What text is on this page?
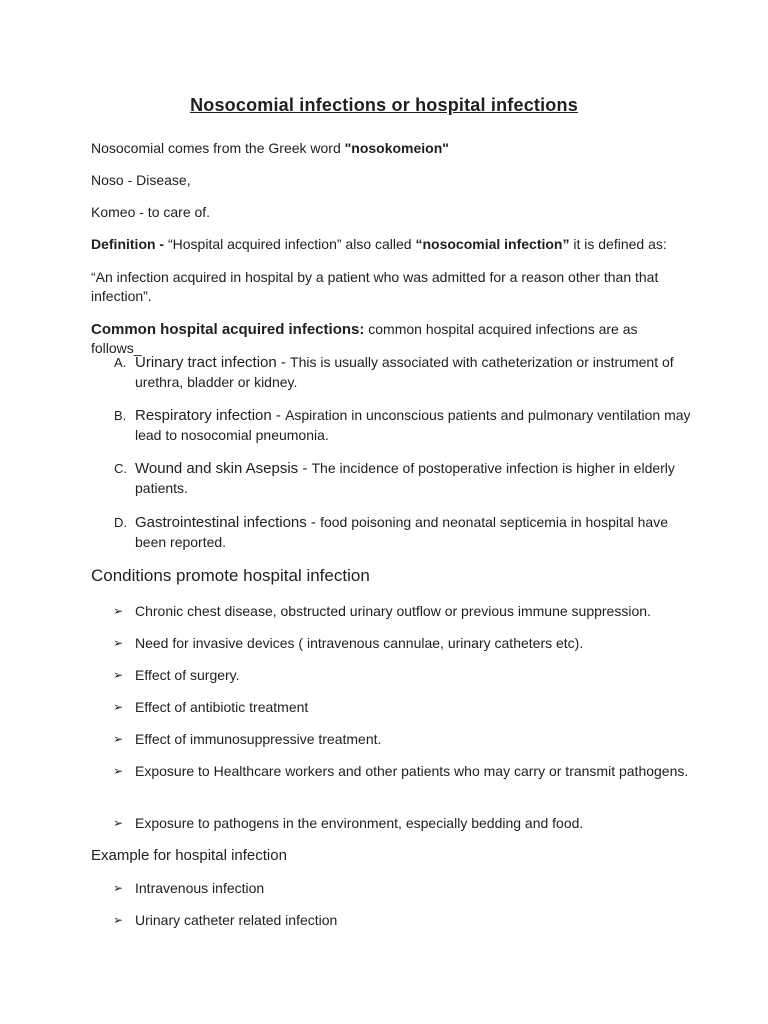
Nosocomial infections or hospital infections
Nosocomial comes from the Greek word "nosokomeion"
Noso - Disease,
Komeo - to care of.
Definition - “Hospital acquired infection” also called “nosocomial infection” it is defined as:
“An infection acquired in hospital by a patient who was admitted for a reason other than that infection”.
Common hospital acquired infections: common hospital acquired infections are as follows_
A. Urinary tract infection - This is usually associated with catheterization or instrument of urethra, bladder or kidney.
B. Respiratory infection - Aspiration in unconscious patients and pulmonary ventilation may lead to nosocomial pneumonia.
C. Wound and skin Asepsis - The incidence of postoperative infection is higher in elderly patients.
D. Gastrointestinal infections - food poisoning and neonatal septicemia in hospital have been reported.
Conditions promote hospital infection
➢ Chronic chest disease, obstructed urinary outflow or previous immune suppression.
➢ Need for invasive devices ( intravenous cannulae, urinary catheters etc).
➢ Effect of surgery.
➢ Effect of antibiotic treatment
➢ Effect of immunosuppressive treatment.
➢ Exposure to Healthcare workers and other patients who may carry or transmit pathogens.
➢ Exposure to pathogens in the environment, especially bedding and food.
Example for hospital infection
➢ Intravenous infection
➢ Urinary catheter related infection
